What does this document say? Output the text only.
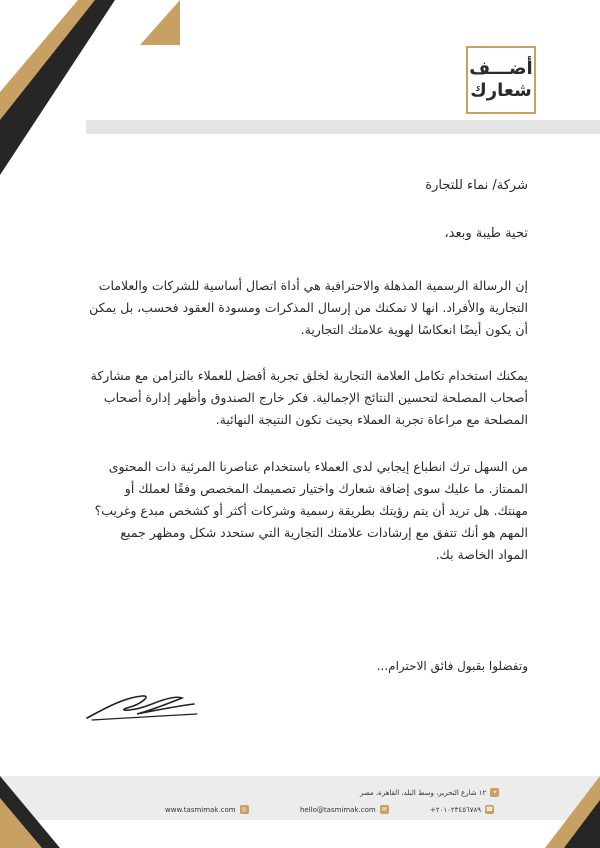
أضـــف
شعارك
شركة/ نماء للتجارة
تحية طيبة وبعد،

إن الرسالة الرسمية المذهلة والاحترافية هي أداة اتصال أساسية للشركات والعلامات التجارية والأفراد. انها لا تمكنك من إرسال المذكرات ومسودة العقود فحسب، بل يمكن أن يكون أيضًا انعكاسًا لهوية علامتك التجارية.

يمكنك استخدام تكامل العلامة التجارية لخلق تجربة أفضل للعملاء بالتزامن مع مشاركة أصحاب المصلحة لتحسين النتائج الإجمالية. فكر خارج الصندوق وأظهر إدارة أصحاب المصلحة مع مراعاة تجربة العملاء بحيث تكون النتيجة النهائية.

من السهل ترك انطباع إيجابي لدى العملاء باستخدام عناصرنا المرئية ذات المحتوى الممتاز. ما عليك سوى إضافة شعارك واختيار تصميمك المخصص وفقًا لعملك أو مهنتك. هل تريد أن يتم رؤيتك بطريقة رسمية وشركات أكثر أو كشخص مبدع وغريب؟ المهم هو أنك تتفق مع إرشادات علامتك التجارية التي ستحدد شكل ومظهر جميع المواد الخاصة بك.

وتفضلوا بقبول فائق الاحترام...
⌖
١٢ شارع التحرير، وسط البلد، القاهرة، مصر
+٢٠١٠٢٣٤٥٦٧٨٩ ☎
hello@tasmimak.com ✉
www.tasmimak.com ◎
